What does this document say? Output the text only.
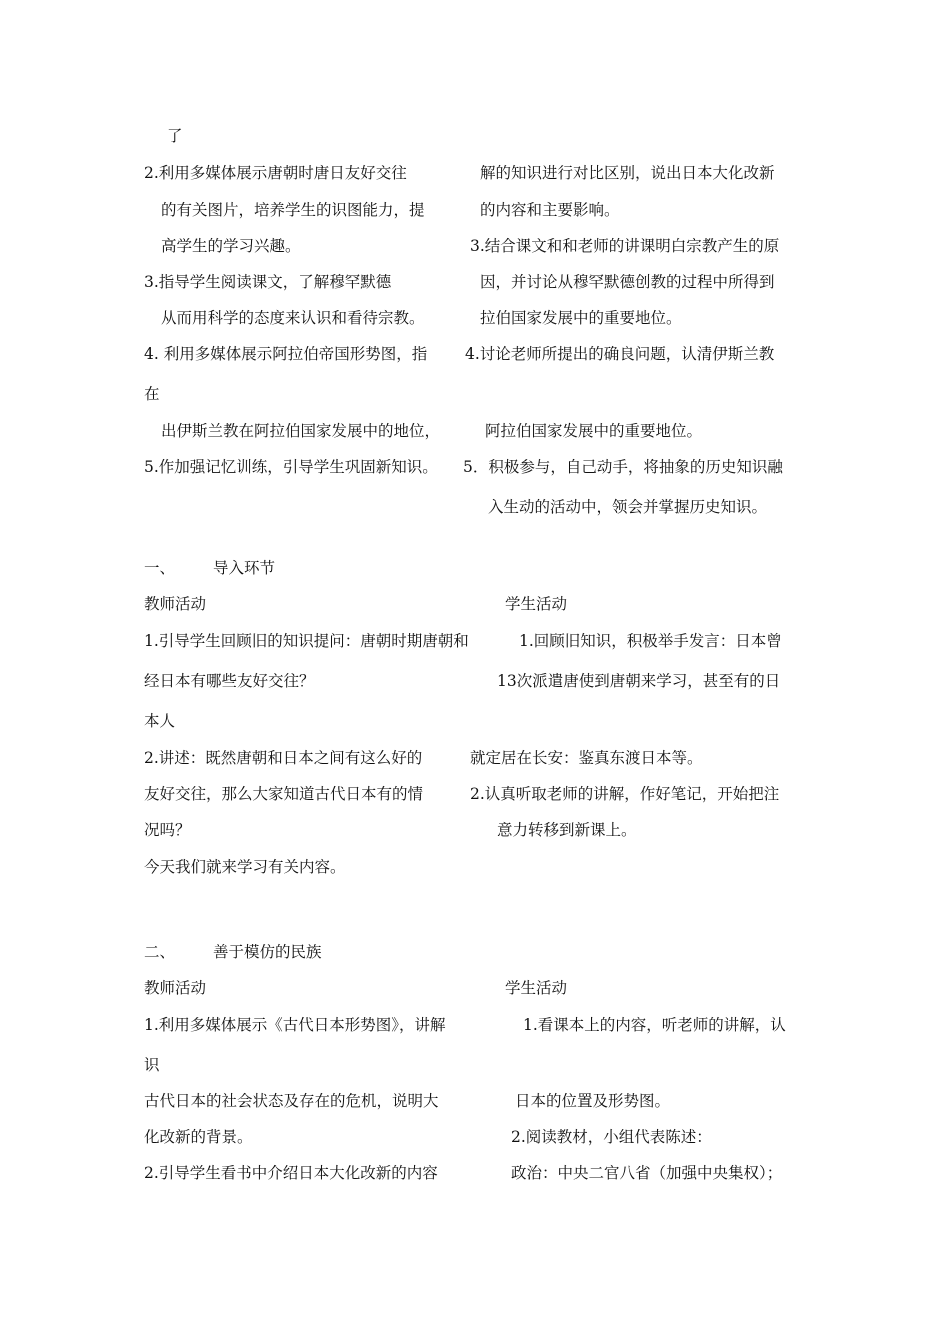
了
2.利用多媒体展示唐朝时唐日友好交往	解的知识进行对比区别，说出日本大化改新
的有关图片，培养学生的识图能力，提	的内容和主要影响。
高学生的学习兴趣。	3.结合课文和和老师的讲课明白宗教产生的原
3.指导学生阅读课文，了解穆罕默德	因，并讨论从穆罕默德创教的过程中所得到
从而用科学的态度来认识和看待宗教。	拉伯国家发展中的重要地位。
4. 利用多媒体展示阿拉伯帝国形势图，指 4.讨论老师所提出的确良问题，认清伊斯兰教
在
出伊斯兰教在阿拉伯国家发展中的地位，	阿拉伯国家发展中的重要地位。
5.作加强记忆训练，引导学生巩固新知识。 5．积极参与，自己动手，将抽象的历史知识融
入生动的活动中，领会并掌握历史知识。
一、 导入环节
教师活动	学生活动
1.引导学生回顾旧的知识提问：唐朝时期唐朝和	1.回顾旧知识，积极举手发言：日本曾
经日本有哪些友好交往？	13次派遣唐使到唐朝来学习，甚至有的日
本人
2.讲述：既然唐朝和日本之间有这么好的	就定居在长安：鉴真东渡日本等。
友好交往，那么大家知道古代日本有的情	2.认真听取老师的讲解，作好笔记，开始把注
况吗？	意力转移到新课上。
今天我们就来学习有关内容。
二、 善于模仿的民族
教师活动	学生活动
1.利用多媒体展示《古代日本形势图》，讲解	1.看课本上的内容，听老师的讲解，认
识
古代日本的社会状态及存在的危机，说明大	日本的位置及形势图。
化改新的背景。	2.阅读教材，小组代表陈述：
2.引导学生看书中介绍日本大化改新的内容	政治：中央二官八省（加强中央集权）；
